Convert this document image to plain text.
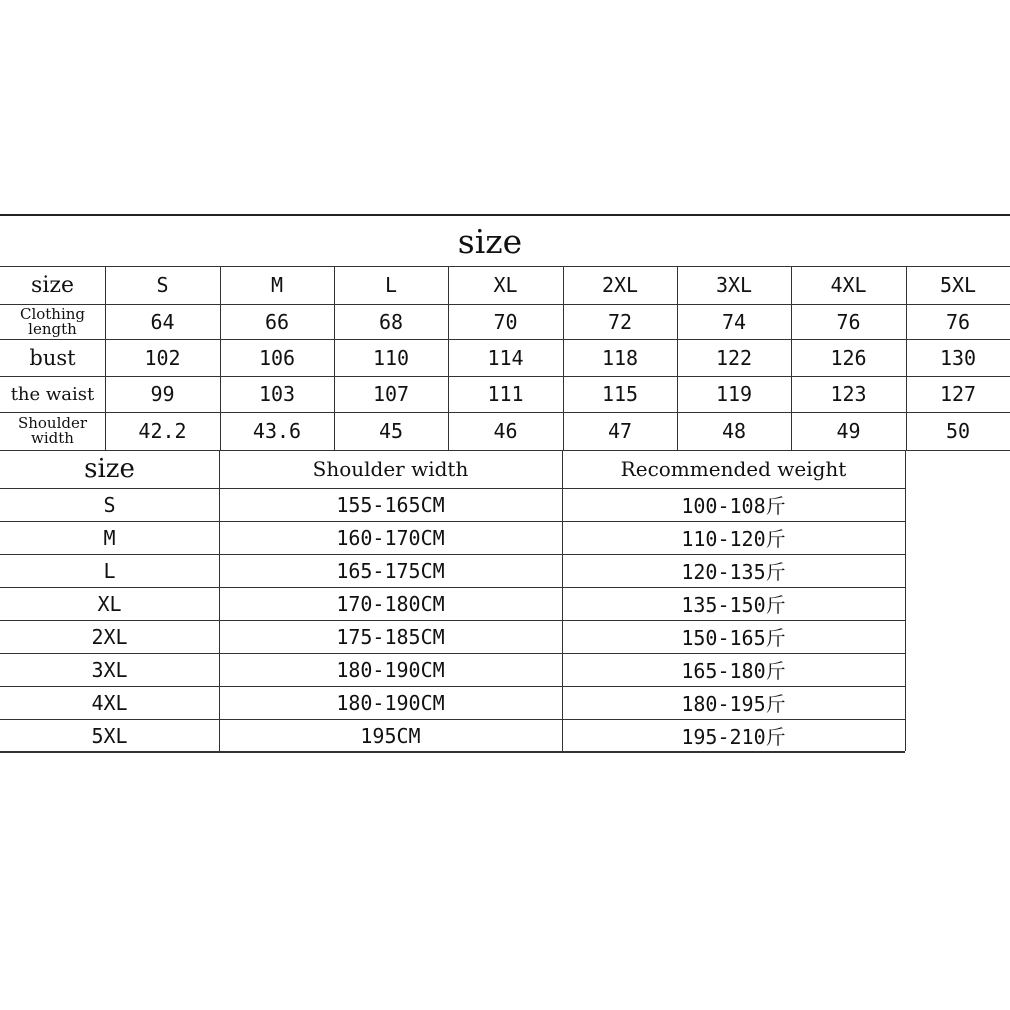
size
size	S	M	L	XL	2XL	3XL	4XL	5XL
Clothing length	64	66	68	70	72	74	76	76
bust	102	106	110	114	118	122	126	130
the waist	99	103	107	111	115	119	123	127
Shoulder width	42.2	43.6	45	46	47	48	49	50
size	Shoulder width	Recommended weight
S	155-165CM	100-108斤
M	160-170CM	110-120斤
L	165-175CM	120-135斤
XL	170-180CM	135-150斤
2XL	175-185CM	150-165斤
3XL	180-190CM	165-180斤
4XL	180-190CM	180-195斤
5XL	195CM	195-210斤
